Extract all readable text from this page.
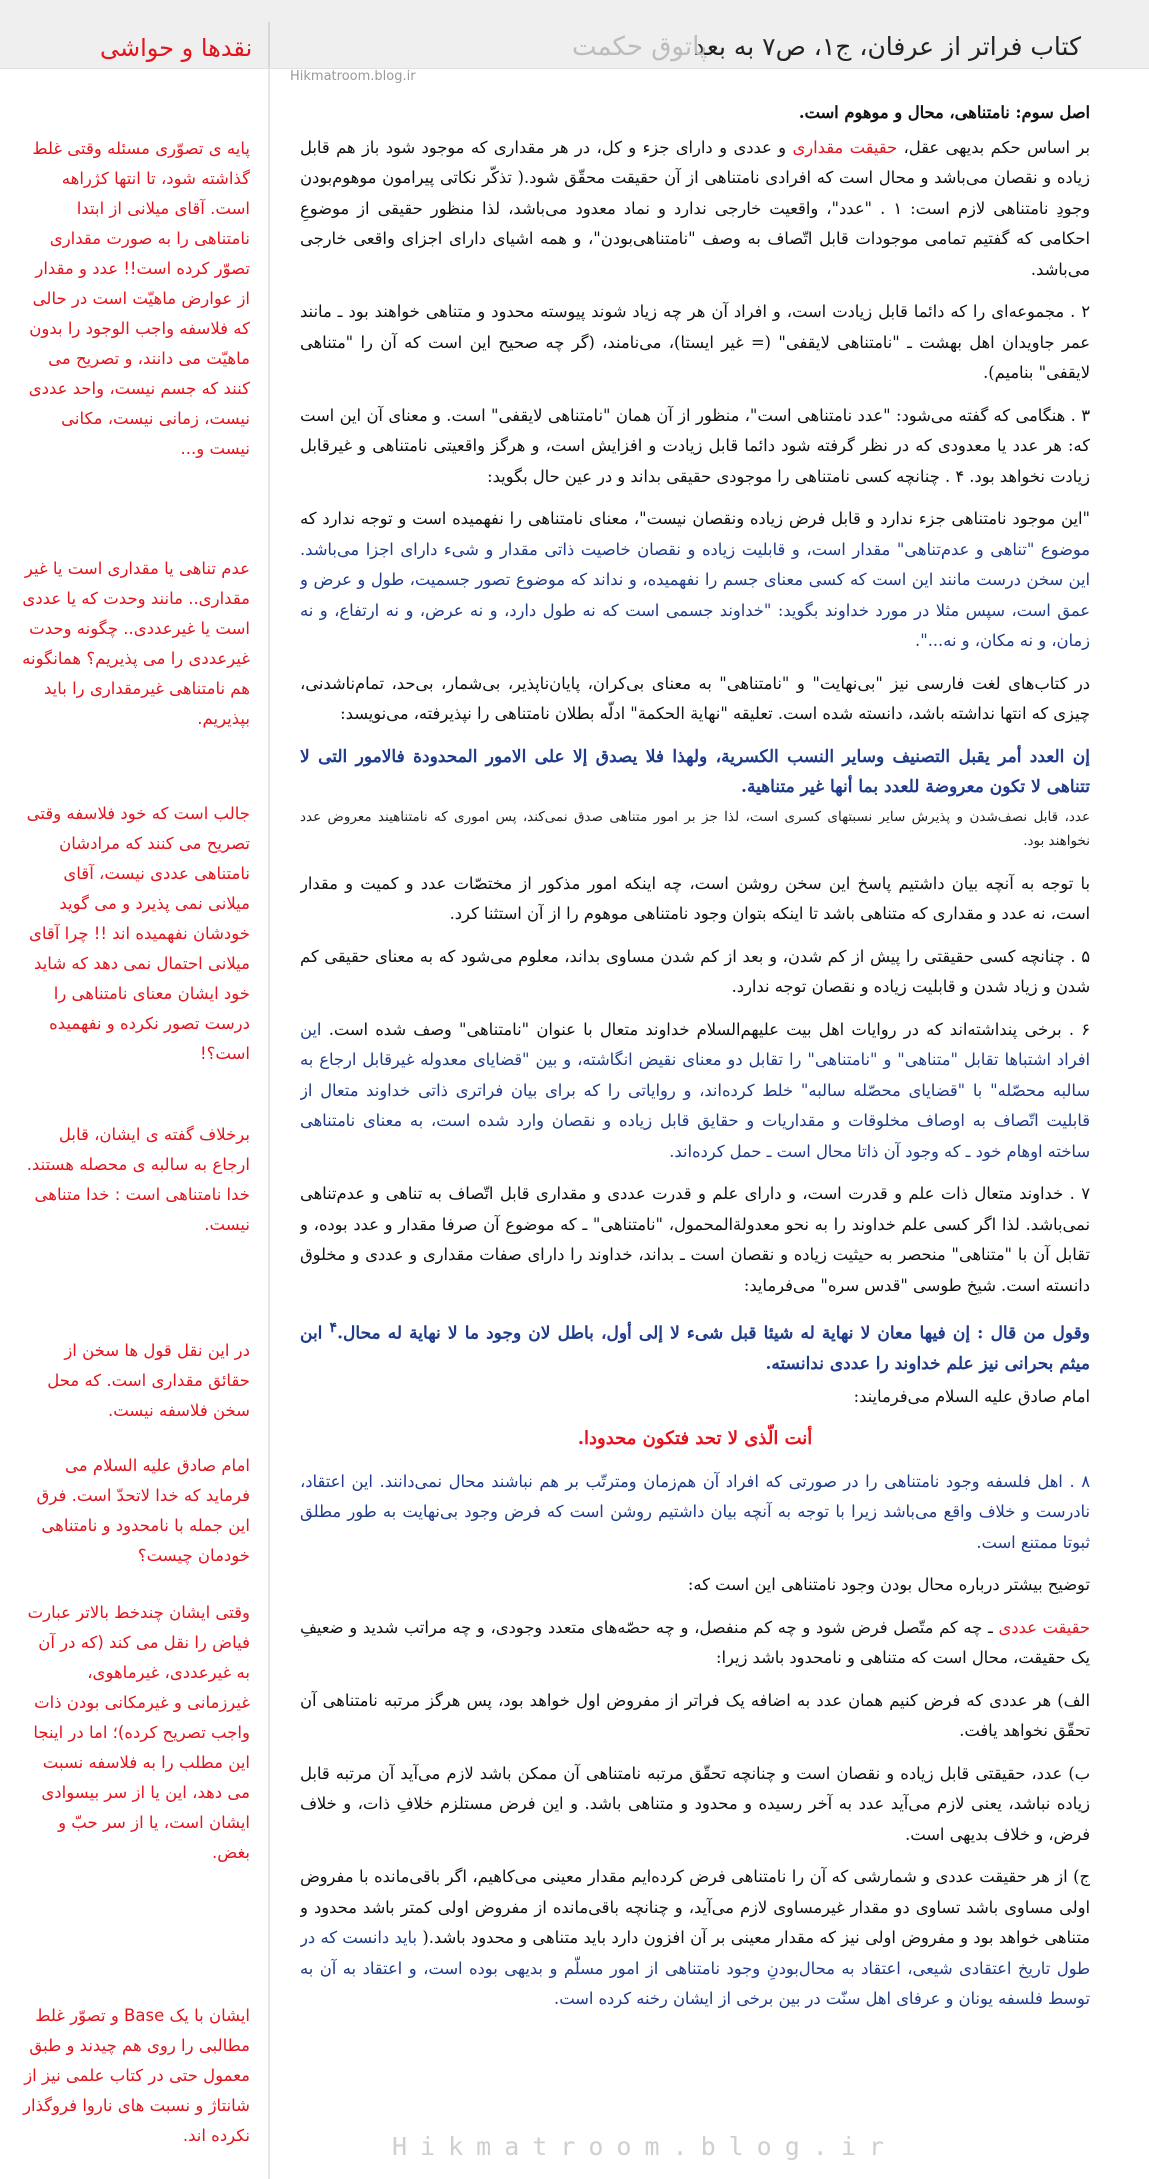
کتاب فراتر از عرفان، ج۱، ص۷ به بعد
پاتوق حکمت
نقدها و حواشی
Hikmatroom.blog.ir

اصل سوم: نامتناهی، محال و موهوم است.

بر اساس حکم بدیهی عقل، حقیقت مقداری و عددی و دارای جزء و کل، در هر مقداری که موجود شود باز هم قابل زیاده و نقصان می‌باشد و محال است که افرادی نامتناهی از آن حقیقت محقّق شود.( تذکّر نکاتی پیرامون موهوم‌بودن وجودِ نامتناهی لازم است: ۱ . "عدد"، واقعیت خارجی ندارد و نماد معدود می‌باشد، لذا منظور حقیقی از موضوعِ احکامی که گفتیم تمامی موجودات قابل اتّصاف به وصف "نامتناهی‌بودن"، و همه اشیای دارای اجزای واقعی خارجی می‌باشد.

۲ . مجموعه‌ای را که دائما قابل زیادت است، و افراد آن هر چه زیاد شوند پیوسته محدود و متناهی خواهند بود ـ مانند عمر جاویدان اهل بهشت ـ "نامتناهی لایقفی" (= غیر ایستا)، می‌نامند، (گر چه صحیح این است که آن را "متناهی لایقفی" بنامیم).

۳ . هنگامی که گفته می‌شود: "عدد نامتناهی است"، منظور از آن همان "نامتناهی لایقفی" است. و معنای آن این است که: هر عدد یا معدودی که در نظر گرفته شود دائما قابل زیادت و افزایش است، و هرگز واقعیتی نامتناهی و غیرقابل زیادت نخواهد بود. ۴ . چنانچه کسی نامتناهی را موجودی حقیقی بداند و در عین حال بگوید:

"این موجود نامتناهی جزء ندارد و قابل فرض زیاده ونقصان نیست"، معنای نامتناهی را نفهمیده است و توجه ندارد که موضوع "تناهی و عدم‌تناهی" مقدار است، و قابلیت زیاده و نقصان خاصیت ذاتی مقدار و شیء دارای اجزا می‌باشد. این سخن درست مانند این است که کسی معنای جسم را نفهمیده، و نداند که موضوع تصور جسمیت، طول و عرض و عمق است، سپس مثلا در مورد خداوند بگوید: "خداوند جسمی است که نه طول دارد، و نه عرض، و نه ارتفاع، و نه زمان، و نه مکان، و نه...".

در کتاب‌های لغت فارسی نیز "بی‌نهایت" و "نامتناهی" به معنای بی‌کران، پایان‌ناپذیر، بی‌شمار، بی‌حد، تمام‌ناشدنی، چیزی که انتها نداشته باشد، دانسته شده است. تعلیقه "نهایة الحکمة" ادلّه بطلان نامتناهی را نپذیرفته، می‌نویسد:

إن العدد أمر یقبل التصنیف وسایر النسب الکسریة، ولهذا فلا یصدق إلا علی الامور المحدودة فالامور التی لا تتناهی لا تکون معروضة للعدد بما أنها غیر متناهیة.

عدد، قابل نصف‌شدن و پذیرش سایر نسبتهای کسری است، لذا جز بر امور متناهی صدق نمی‌کند، پس اموری که نامتناهیند معروض عدد نخواهند بود.

با توجه به آنچه بیان داشتیم پاسخ این سخن روشن است، چه اینکه امور مذکور از مختصّات عدد و کمیت و مقدار است، نه عدد و مقداری که متناهی باشد تا اینکه بتوان وجود نامتناهی موهوم را از آن استثنا کرد.

۵ . چنانچه کسی حقیقتی را پیش از کم شدن، و بعد از کم شدن مساوی بداند، معلوم می‌شود که به معنای حقیقی کم شدن و زیاد شدن و قابلیت زیاده و نقصان توجه ندارد.

۶ . برخی پنداشته‌اند که در روایات اهل بیت علیهم‌السلام خداوند متعال با عنوان "نامتناهی" وصف شده است. این افراد اشتباها تقابل "متناهی" و "نامتناهی" را تقابل دو معنای نقیض انگاشته، و بین "قضایای معدوله غیرقابل ارجاع به سالبه محصّله" با "قضایای محصّله سالبه" خلط کرده‌اند، و روایاتی را که برای بیان فراتری ذاتی خداوند متعال از قابلیت اتّصاف به اوصاف مخلوقات و مقداریات و حقایق قابل زیاده و نقصان وارد شده است، به معنای نامتناهی ساخته اوهام خود ـ که وجود آن ذاتا محال است ـ حمل کرده‌اند.

۷ . خداوند متعال ذات علم و قدرت است، و دارای علم و قدرت عددی و مقداری قابل اتّصاف به تناهی و عدم‌تناهی نمی‌باشد. لذا اگر کسی علم خداوند را به نحو معدولة‌المحمول، "نامتناهی" ـ که موضوع آن صرفا مقدار و عدد بوده، و تقابل آن با "متناهی" منحصر به حیثیت زیاده و نقصان است ـ بداند، خداوند را دارای صفات مقداری و عددی و مخلوق دانسته است. شیخ طوسی "قدس سره" می‌فرماید:

وقول من قال : إن فیها معان لا نهایة له شیئا قبل شیء لا إلی أول، باطل لان وجود ما لا نهایة له محال.$^۴$ ابن میثم بحرانی نیز علم خداوند را عددی ندانسته.

امام صادق علیه السلام می‌فرمایند:

أنت الّذی لا تحد فتکون محدودا.

۸ . اهل فلسفه وجود نامتناهی را در صورتی که افراد آن هم‌زمان ومترتّب بر هم نباشند محال نمی‌دانند. این اعتقاد، نادرست و خلاف واقع می‌باشد زیرا با توجه به آنچه بیان داشتیم روشن است که فرض وجود بی‌نهایت به طور مطلق ثبوتا ممتنع است.

توضیح بیشتر درباره محال بودن وجود نامتناهی این است که:

حقیقت عددی ـ چه کم متّصل فرض شود و چه کم منفصل، و چه حصّه‌های متعدد وجودی، و چه مراتب شدید و ضعیفِ یک حقیقت، محال است که متناهی و نامحدود باشد زیرا:

الف) هر عددی که فرض کنیم همان عدد به اضافه یک فراتر از مفروض اول خواهد بود، پس هرگز مرتبه نامتناهی آن تحقّق نخواهد یافت.

ب) عدد، حقیقتی قابل زیاده و نقصان است و چنانچه تحقّق مرتبه نامتناهی آن ممکن باشد لازم می‌آید آن مرتبه قابل زیاده نباشد، یعنی لازم می‌آید عدد به آخر رسیده و محدود و متناهی باشد. و این فرض مستلزم خلافِ ذات، و خلاف فرض، و خلاف بدیهی است.

ج) از هر حقیقت عددی و شمارشی که آن را نامتناهی فرض کرده‌ایم مقدار معینی می‌کاهیم، اگر باقی‌مانده با مفروض اولی مساوی باشد تساوی دو مقدار غیرمساوی لازم می‌آید، و چنانچه باقی‌مانده از مفروض اولی کمتر باشد محدود و متناهی خواهد بود و مفروض اولی نیز که مقدار معینی بر آن افزون دارد باید متناهی و محدود باشد.( باید دانست که در طول تاریخ اعتقادی شیعی، اعتقاد به محال‌بودنِ وجود نامتناهی از امور مسلّم و بدیهی بوده است، و اعتقاد به آن به توسط فلسفه یونان و عرفای اهل سنّت در بین برخی از ایشان رخنه کرده است.

پایه ی تصوّری مسئله وقتی غلط گذاشته شود، تا انتها کژراهه است. آقای میلانی از ابتدا نامتناهی را به صورت مقداری تصوّر کرده است!! عدد و مقدار از عوارض ماهیّت است در حالی که فلاسفه واجب الوجود را بدون ماهیّت می دانند، و تصریح می کنند که جسم نیست، واحد عددی نیست، زمانی نیست، مکانی نیست و...
عدم تناهی یا مقداری است یا غیر مقداری.. مانند وحدت که یا عددی است یا غیرعددی.. چگونه وحدت غیرعددی را می پذیریم؟ همانگونه هم نامتناهی غیرمقداری را باید بپذیریم.
جالب است که خود فلاسفه وقتی تصریح می کنند که مرادشان نامتناهی عددی نیست، آقای میلانی نمی پذیرد و می گوید خودشان نفهمیده اند !! چرا آقای میلانی احتمال نمی دهد که شاید خود ایشان معنای نامتناهی را درست تصور نکرده و نفهمیده است؟!
برخلاف گفته ی ایشان، قابل ارجاع به سالبه ی محصله هستند. خدا نامتناهی است : خدا متناهی نیست.
در این نقل قول ها سخن از حقائق مقداری است. که محل سخن فلاسفه نیست.
امام صادق علیه السلام می فرماید که خدا لاتحدّ است. فرق این جمله با نامحدود و نامتناهی خودمان چیست؟
وقتی ایشان چندخط بالاتر عبارت فیاض را نقل می کند (که در آن به غیرعددی، غیرماهوی، غیرزمانی و غیرمکانی بودن ذات واجب تصریح کرده)؛ اما در اینجا این مطلب را به فلاسفه نسبت می دهد، این یا از سر بیسوادی ایشان است، یا از سر حبّ و بغض.
ایشان با یک Base و تصوّر غلط مطالبی را روی هم چیدند و طبق معمول حتی در کتاب علمی نیز از شانتاژ و نسبت های ناروا فروگذار نکرده اند.	Hikmatroom.blog.ir
